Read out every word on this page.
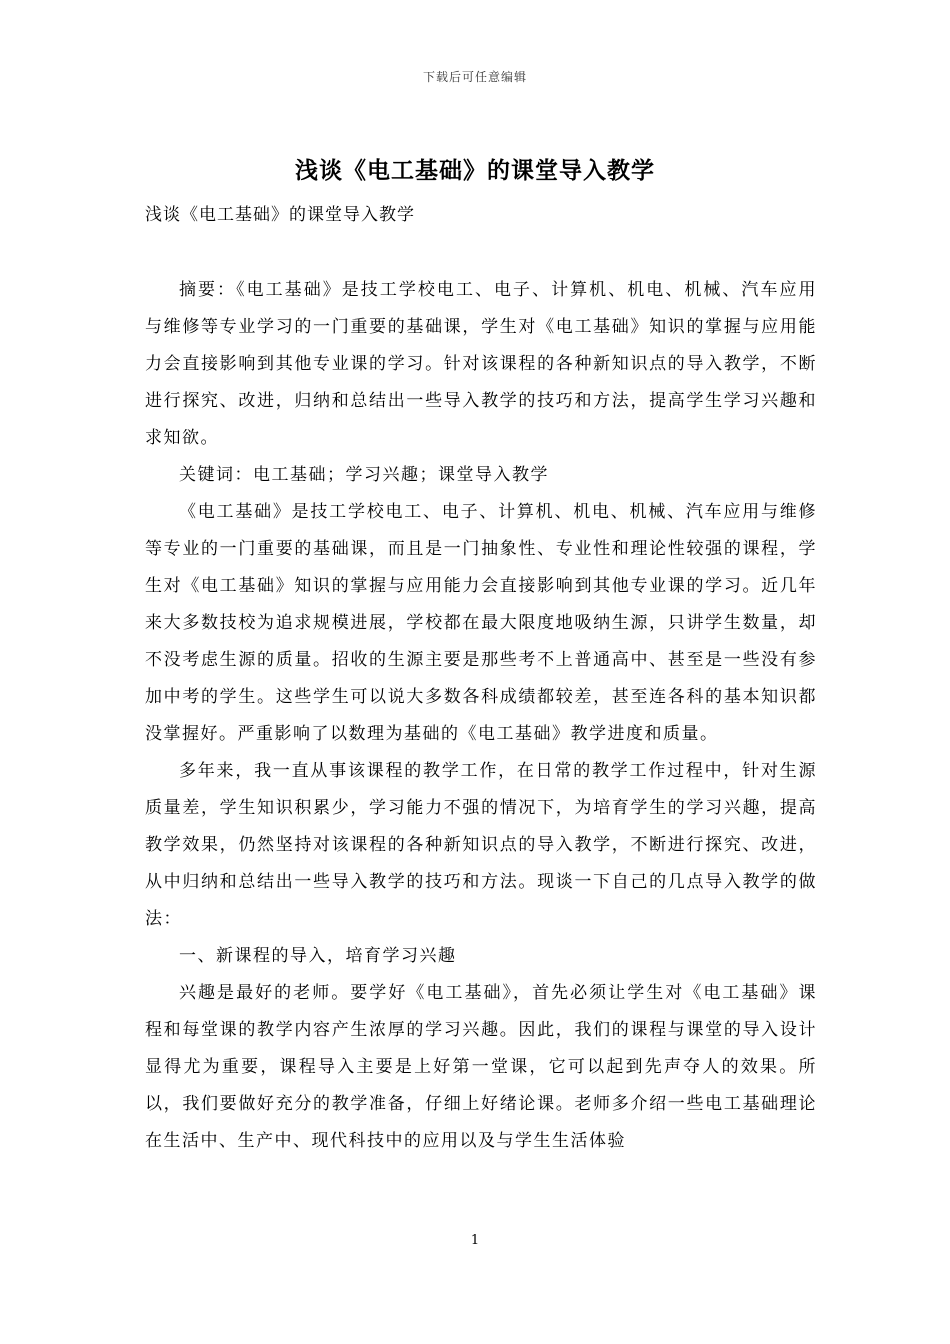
下载后可任意编辑
浅谈《电工基础》的课堂导入教学
浅谈《电工基础》的课堂导入教学

摘要：《电工基础》是技工学校电工、电子、计算机、机电、机械、汽车应用与维修等专业学习的一门重要的基础课，学生对《电工基础》知识的掌握与应用能力会直接影响到其他专业课的学习。针对该课程的各种新知识点的导入教学，不断进行探究、改进，归纳和总结出一些导入教学的技巧和方法，提高学生学习兴趣和求知欲。

关键词：电工基础；学习兴趣；课堂导入教学

《电工基础》是技工学校电工、电子、计算机、机电、机械、汽车应用与维修等专业的一门重要的基础课，而且是一门抽象性、专业性和理论性较强的课程，学生对《电工基础》知识的掌握与应用能力会直接影响到其他专业课的学习。近几年来大多数技校为追求规模进展，学校都在最大限度地吸纳生源，只讲学生数量，却不没考虑生源的质量。招收的生源主要是那些考不上普通高中、甚至是一些没有参加中考的学生。这些学生可以说大多数各科成绩都较差，甚至连各科的基本知识都没掌握好。严重影响了以数理为基础的《电工基础》教学进度和质量。

多年来，我一直从事该课程的教学工作，在日常的教学工作过程中，针对生源质量差，学生知识积累少，学习能力不强的情况下，为培育学生的学习兴趣，提高教学效果，仍然坚持对该课程的各种新知识点的导入教学，不断进行探究、改进，从中归纳和总结出一些导入教学的技巧和方法。现谈一下自己的几点导入教学的做法：

一、新课程的导入，培育学习兴趣

兴趣是最好的老师。要学好《电工基础》，首先必须让学生对《电工基础》课程和每堂课的教学内容产生浓厚的学习兴趣。因此，我们的课程与课堂的导入设计显得尤为重要，课程导入主要是上好第一堂课，它可以起到先声夺人的效果。所以，我们要做好充分的教学准备，仔细上好绪论课。老师多介绍一些电工基础理论在生活中、生产中、现代科技中的应用以及与学生生活体验

1
